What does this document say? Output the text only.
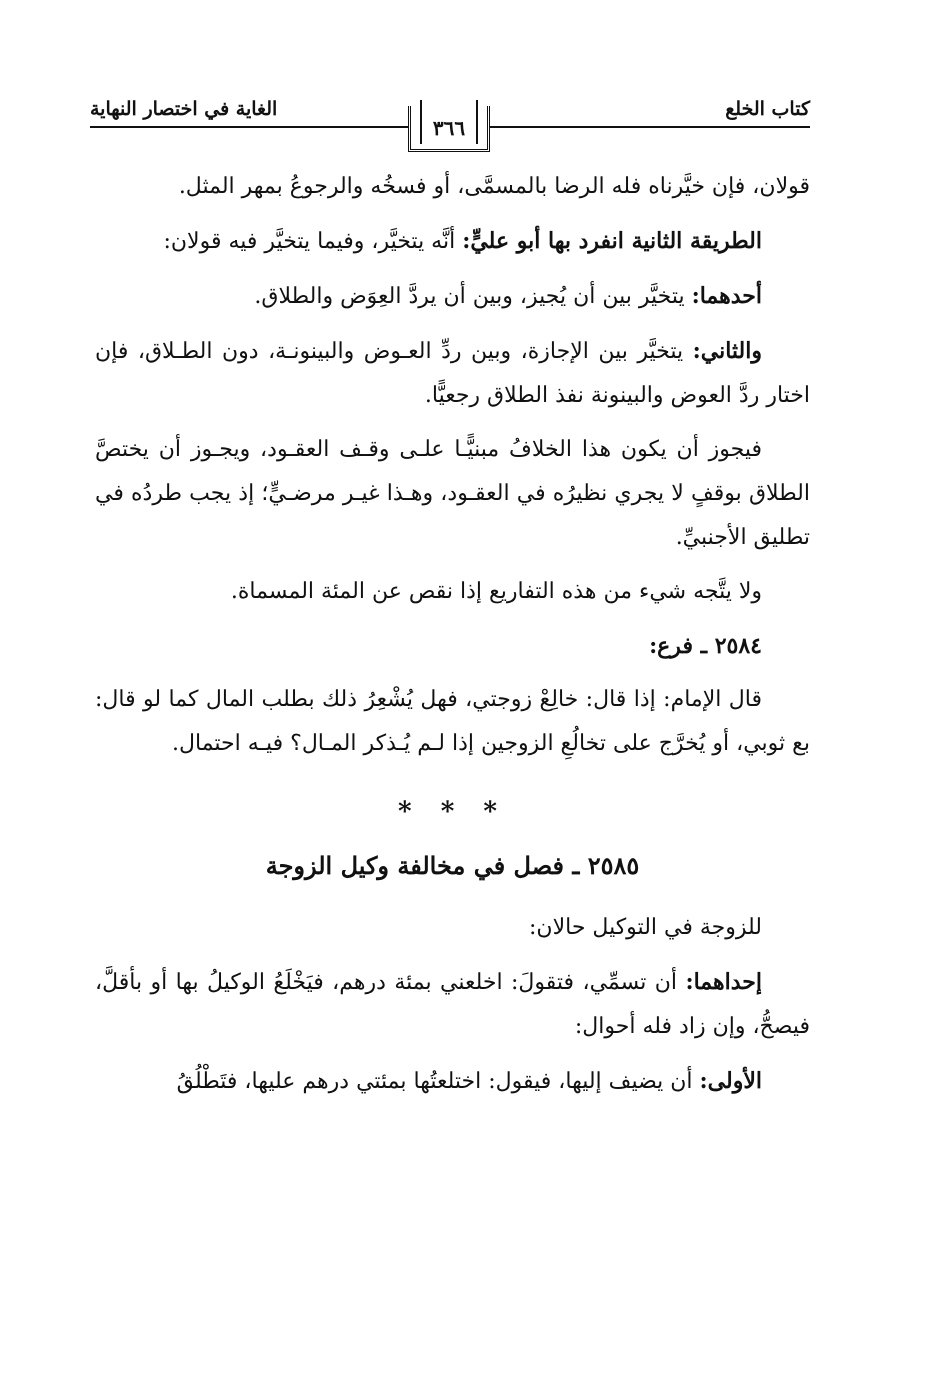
كتاب الخلع
٣٦٦
الغاية في اختصار النهاية

قولان، فإن خيَّرناه فله الرضا بالمسمَّى، أو فسخُه والرجوعُ بمهر المثل.

الطريقة الثانية انفرد بها أبو عليٍّ: أنَّه يتخيَّر، وفيما يتخيَّر فيه قولان:

أحدهما: يتخيَّر بين أن يُجيز، وبين أن يردَّ العِوَض والطلاق.

والثاني: يتخيَّر بين الإجازة، وبين ردِّ العـوض والبينونـة، دون الطـلاق، فإن اختار ردَّ العوض والبينونة نفذ الطلاق رجعيًّا.

فيجوز أن يكون هذا الخلافُ مبنيًّـا علـى وقـف العقـود، ويجـوز أن يختصَّ الطلاق بوقفٍ لا يجري نظيرُه في العقـود، وهـذا غيـر مرضـيٍّ؛ إذ يجب طردُه في تطليق الأجنبيِّ.

ولا يتَّجه شيء من هذه التفاريع إذا نقص عن المئة المسماة.

٢٥٨٤ ـ فرع:

قال الإمام: إذا قال: خالِعْ زوجتي، فهل يُشْعِرُ ذلك بطلب المال كما لو قال: بع ثوبي، أو يُخرَّج على تخالُعِ الزوجين إذا لـم يُـذكر المـال؟ فيـه احتمال.

* * *

٢٥٨٥ ـ فصل في مخالفة وكيل الزوجة

للزوجة في التوكيل حالان:

إحداهما: أن تسمِّي، فتقولَ: اخلعني بمئة درهم، فيَخْلَعُ الوكيلُ بها أو بأقلَّ، فيصحُّ، وإن زاد فله أحوال:

الأولى: أن يضيف إليها، فيقول: اختلعتُها بمئتي درهم عليها، فتَطْلُقُ
